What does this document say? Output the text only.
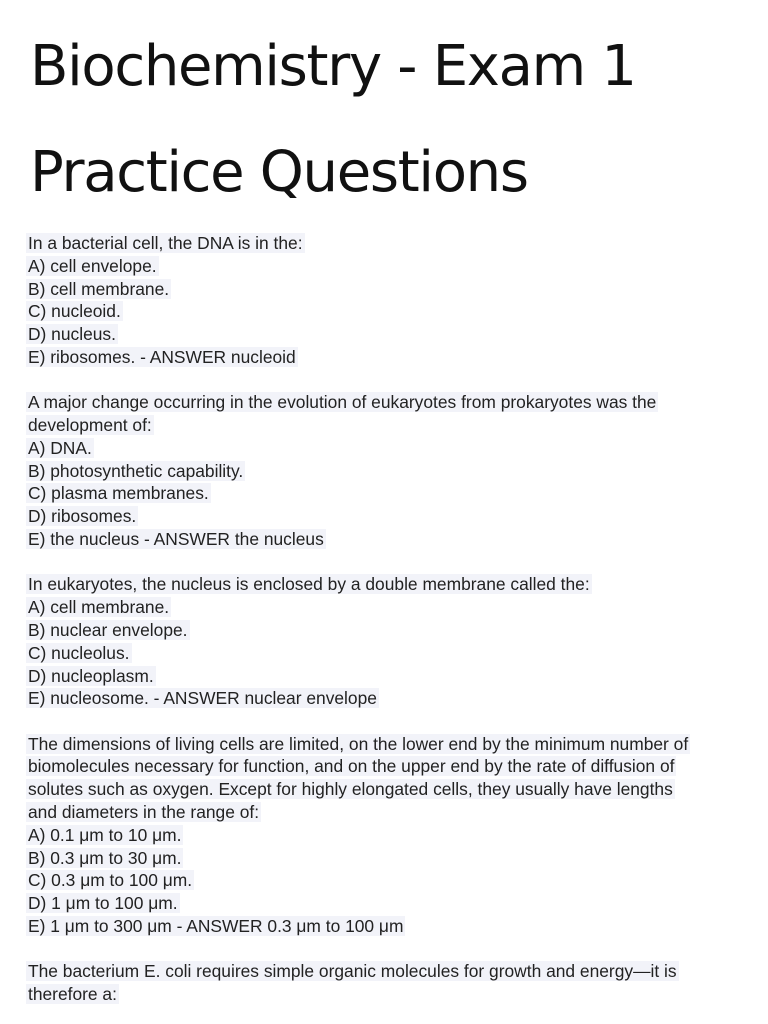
Biochemistry - Exam 1
Practice Questions
In a bacterial cell, the DNA is in the:
A) cell envelope.
B) cell membrane.
C) nucleoid.
D) nucleus.
E) ribosomes. - ANSWER nucleoid
A major change occurring in the evolution of eukaryotes from prokaryotes was the
development of:
A) DNA.
B) photosynthetic capability.
C) plasma membranes.
D) ribosomes.
E) the nucleus - ANSWER the nucleus
In eukaryotes, the nucleus is enclosed by a double membrane called the:
A) cell membrane.
B) nuclear envelope.
C) nucleolus.
D) nucleoplasm.
E) nucleosome. - ANSWER nuclear envelope
The dimensions of living cells are limited, on the lower end by the minimum number of
biomolecules necessary for function, and on the upper end by the rate of diffusion of
solutes such as oxygen. Except for highly elongated cells, they usually have lengths
and diameters in the range of:
A) 0.1 μm to 10 μm.
B) 0.3 μm to 30 μm.
C) 0.3 μm to 100 μm.
D) 1 μm to 100 μm.
E) 1 μm to 300 μm - ANSWER 0.3 μm to 100 μm
The bacterium E. coli requires simple organic molecules for growth and energy—it is
therefore a:
